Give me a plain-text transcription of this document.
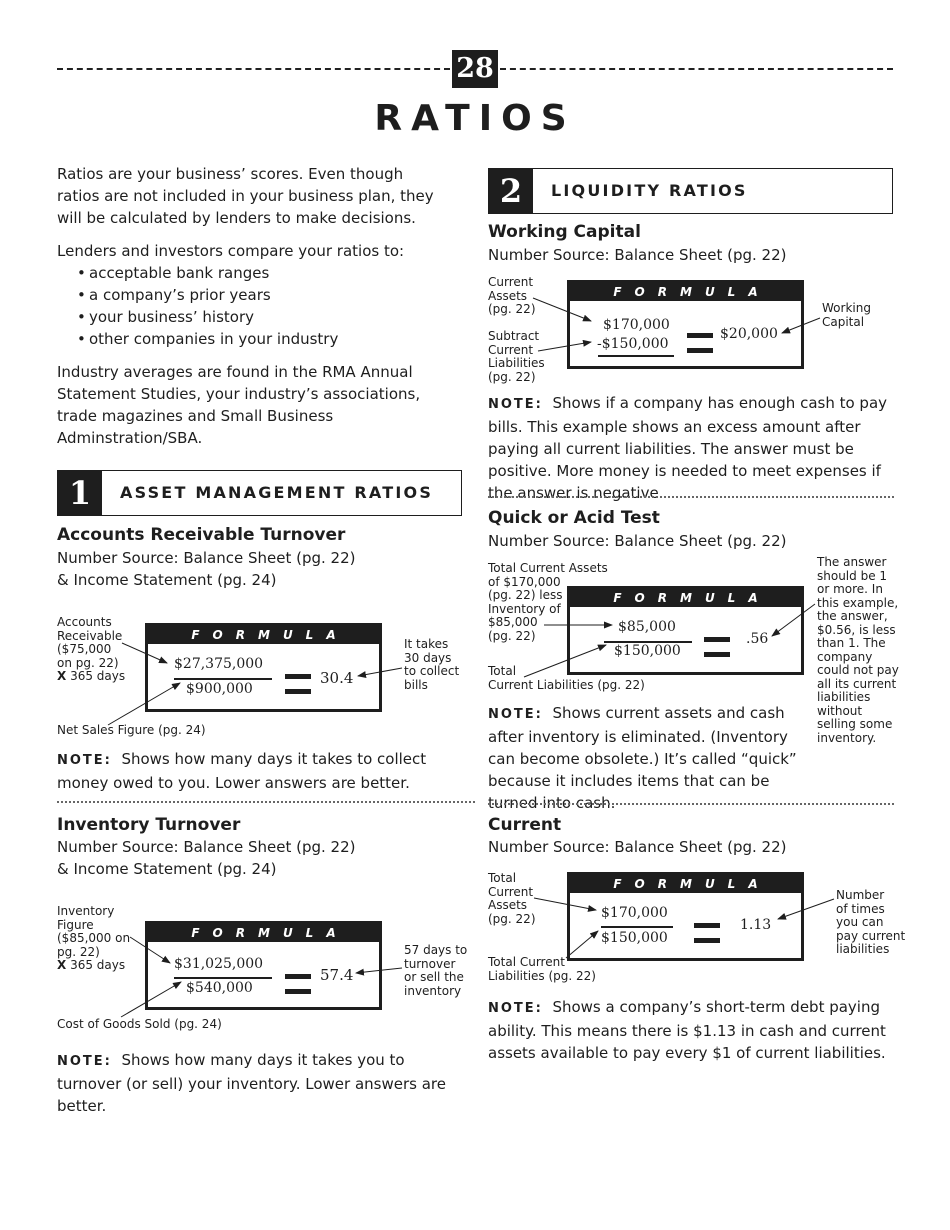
28
RATIOS

Ratios are your business’ scores. Even though ratios are not included in your business plan, they will be calculated by lenders to make decisions.

Lenders and investors compare your ratios to:

• acceptable bank ranges
• a company’s prior years
• your business’ history
• other companies in your industry

Industry averages are found in the RMA Annual Statement Studies, your industry’s associations, trade magazines and Small Business Adminstration/SBA.

1	ASSET MANAGEMENT RATIOS
Accounts Receivable Turnover
Number Source: Balance Sheet (pg. 22)
& Income Statement (pg. 24)
Accounts
Receivable
($75,000
on pg. 22)
X 365 days
FORMULA
$27,375,000
$900,000
30.4
It takes
30 days
to collect
bills
Net Sales Figure (pg. 24)
NOTE: Shows how many days it takes to collect money owed to you. Lower answers are better.
Inventory Turnover
Number Source: Balance Sheet (pg. 22)
& Income Statement (pg. 24)
Inventory
Figure
($85,000 on
pg. 22)
X 365 days
FORMULA
$31,025,000
$540,000
57.4
57 days to
turnover
or sell the
inventory
Cost of Goods Sold (pg. 24)
NOTE: Shows how many days it takes you to turnover (or sell) your inventory. Lower answers are better.
2	LIQUIDITY RATIOS
Working Capital
Number Source: Balance Sheet (pg. 22)
Current
Assets
(pg. 22)
Subtract
Current
Liabilities
(pg. 22)
FORMULA
$170,000
-$150,000
$20,000
Working
Capital
NOTE: Shows if a company has enough cash to pay bills. This example shows an excess amount after paying all current liabilities. The answer must be positive. More money is needed to meet expenses if the answer is negative.
Quick or Acid Test
Number Source: Balance Sheet (pg. 22)
Total Current Assets
of $170,000
(pg. 22) less
Inventory of
$85,000
(pg. 22)
Total
Current Liabilities (pg. 22)
FORMULA
$85,000
$150,000
.56
The answer
should be 1
or more. In
this example,
the answer,
$0.56, is less
than 1. The
company
could not pay
all its current
liabilities
without
selling some
inventory.
NOTE: Shows current assets and cash after inventory is eliminated. (Inventory can become obsolete.) It’s called “quick” because it includes items that can be turned into cash.
Current
Number Source: Balance Sheet (pg. 22)
Total
Current
Assets
(pg. 22)
Total Current
Liabilities (pg. 22)
FORMULA
$170,000
$150,000
1.13
Number
of times
you can
pay current
liabilities
NOTE: Shows a company’s short-term debt paying ability. This means there is $1.13 in cash and current assets available to pay every $1 of current liabilities.
